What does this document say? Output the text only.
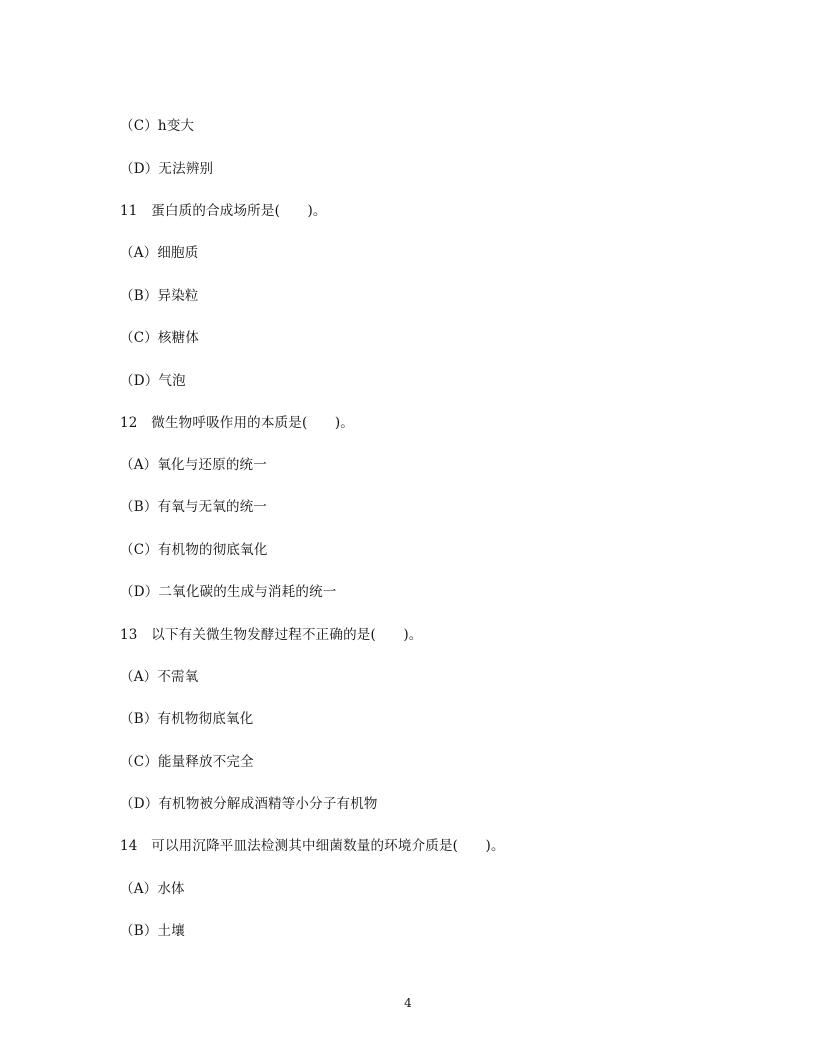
（C）h变大
（D）无法辨别
11　蛋白质的合成场所是(　　)。
（A）细胞质
（B）异染粒
（C）核糖体
（D）气泡
12　微生物呼吸作用的本质是(　　)。
（A）氧化与还原的统一
（B）有氧与无氧的统一
（C）有机物的彻底氧化
（D）二氧化碳的生成与消耗的统一
13　以下有关微生物发酵过程不正确的是(　　)。
（A）不需氧
（B）有机物彻底氧化
（C）能量释放不完全
（D）有机物被分解成酒精等小分子有机物
14　可以用沉降平皿法检测其中细菌数量的环境介质是(　　)。
（A）水体
（B）土壤
4
